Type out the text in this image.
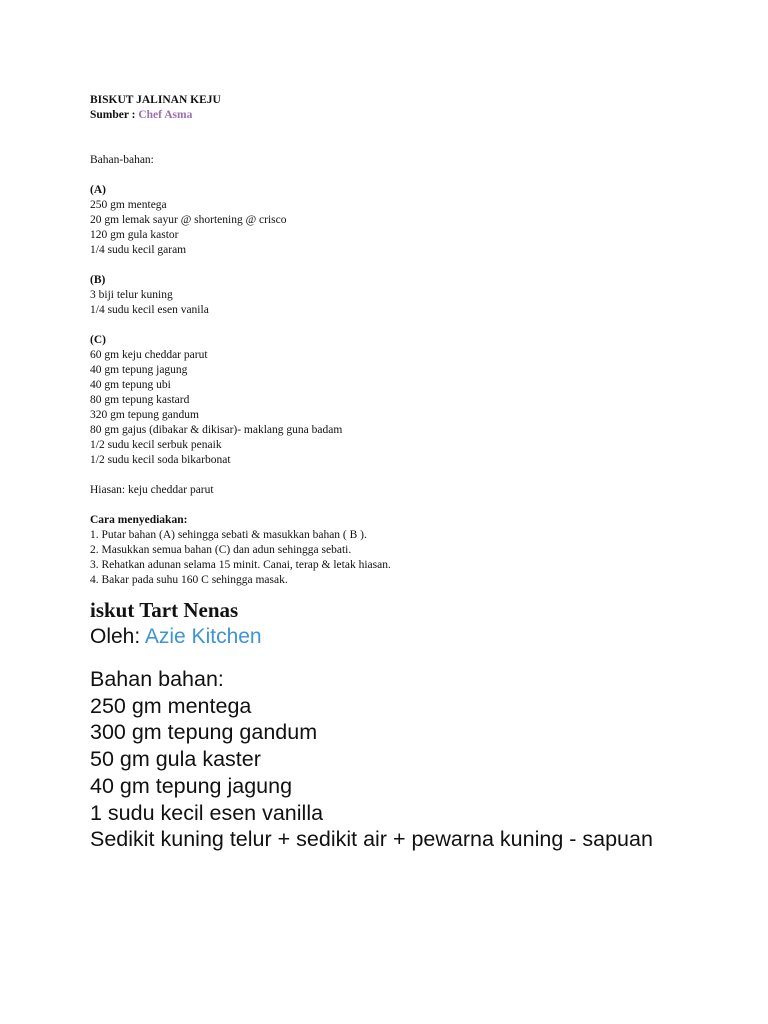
BISKUT JALINAN KEJU
Sumber : Chef Asma
Bahan-bahan:
(A)
250 gm mentega
20 gm lemak sayur @ shortening @ crisco
120 gm gula kastor
1/4 sudu kecil garam
(B)
3 biji telur kuning
1/4 sudu kecil esen vanila
(C)
60 gm keju cheddar parut
40 gm tepung jagung
40 gm tepung ubi
80 gm tepung kastard
320 gm tepung gandum
80 gm gajus (dibakar & dikisar)- maklang guna badam
1/2 sudu kecil serbuk penaik
1/2 sudu kecil soda bikarbonat
Hiasan: keju cheddar parut
Cara menyediakan:
1. Putar bahan (A) sehingga sebati & masukkan bahan ( B ).
2. Masukkan semua bahan (C) dan adun sehingga sebati.
3. Rehatkan adunan selama 15 minit. Canai, terap & letak hiasan.
4. Bakar pada suhu 160 C sehingga masak.
iskut Tart Nenas
Oleh: Azie Kitchen
Bahan bahan:
250 gm mentega
300 gm tepung gandum
50 gm gula kaster
40 gm tepung jagung
1 sudu kecil esen vanilla
Sedikit kuning telur + sedikit air + pewarna kuning - sapuan
